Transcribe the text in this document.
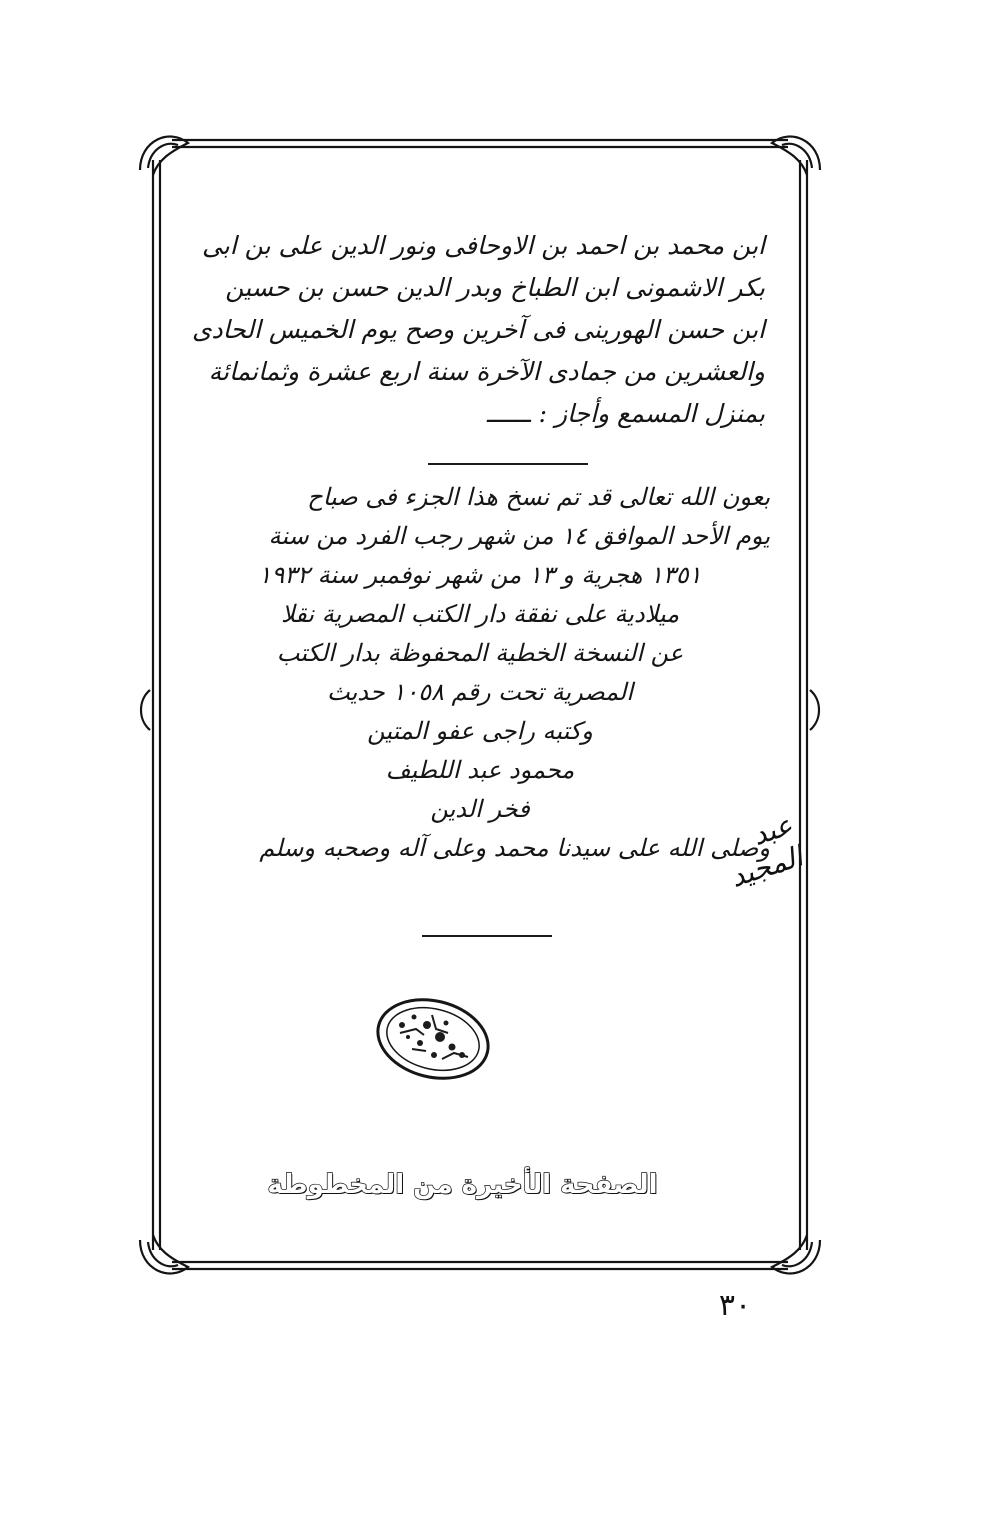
ابن محمد بن احمد بن الاوحافى ونور الدين على بن ابى
بكر الاشمونى ابن الطباخ وبدر الدين حسن بن حسين
ابن حسن الهورينى فى آخرين وصح يوم الخميس الحادى
والعشرين من جمادى الآخرة سنة اربع عشرة وثمانمائة
بمنزل المسمع وأجاز : ــــــ
بعون الله تعالى قد تم نسخ هذا الجزء فى صباح
يوم الأحد الموافق ١٤ من شهر رجب الفرد من سنة
١٣٥١ هجرية و ١٣ من شهر نوفمبر سنة ١٩٣٢
ميلادية على نفقة دار الكتب المصرية نقلا
عن النسخة الخطية المحفوظة بدار الكتب
المصرية تحت رقم ١٠٥٨ حديث
وكتبه راجى عفو المتين
محمود عبد اللطيف
فخر الدين
وصلى الله على سيدنا محمد وعلى آله وصحبه وسلم
عبد المجيد
الصفحة الأخيرة من المخطوطة
٣٠
